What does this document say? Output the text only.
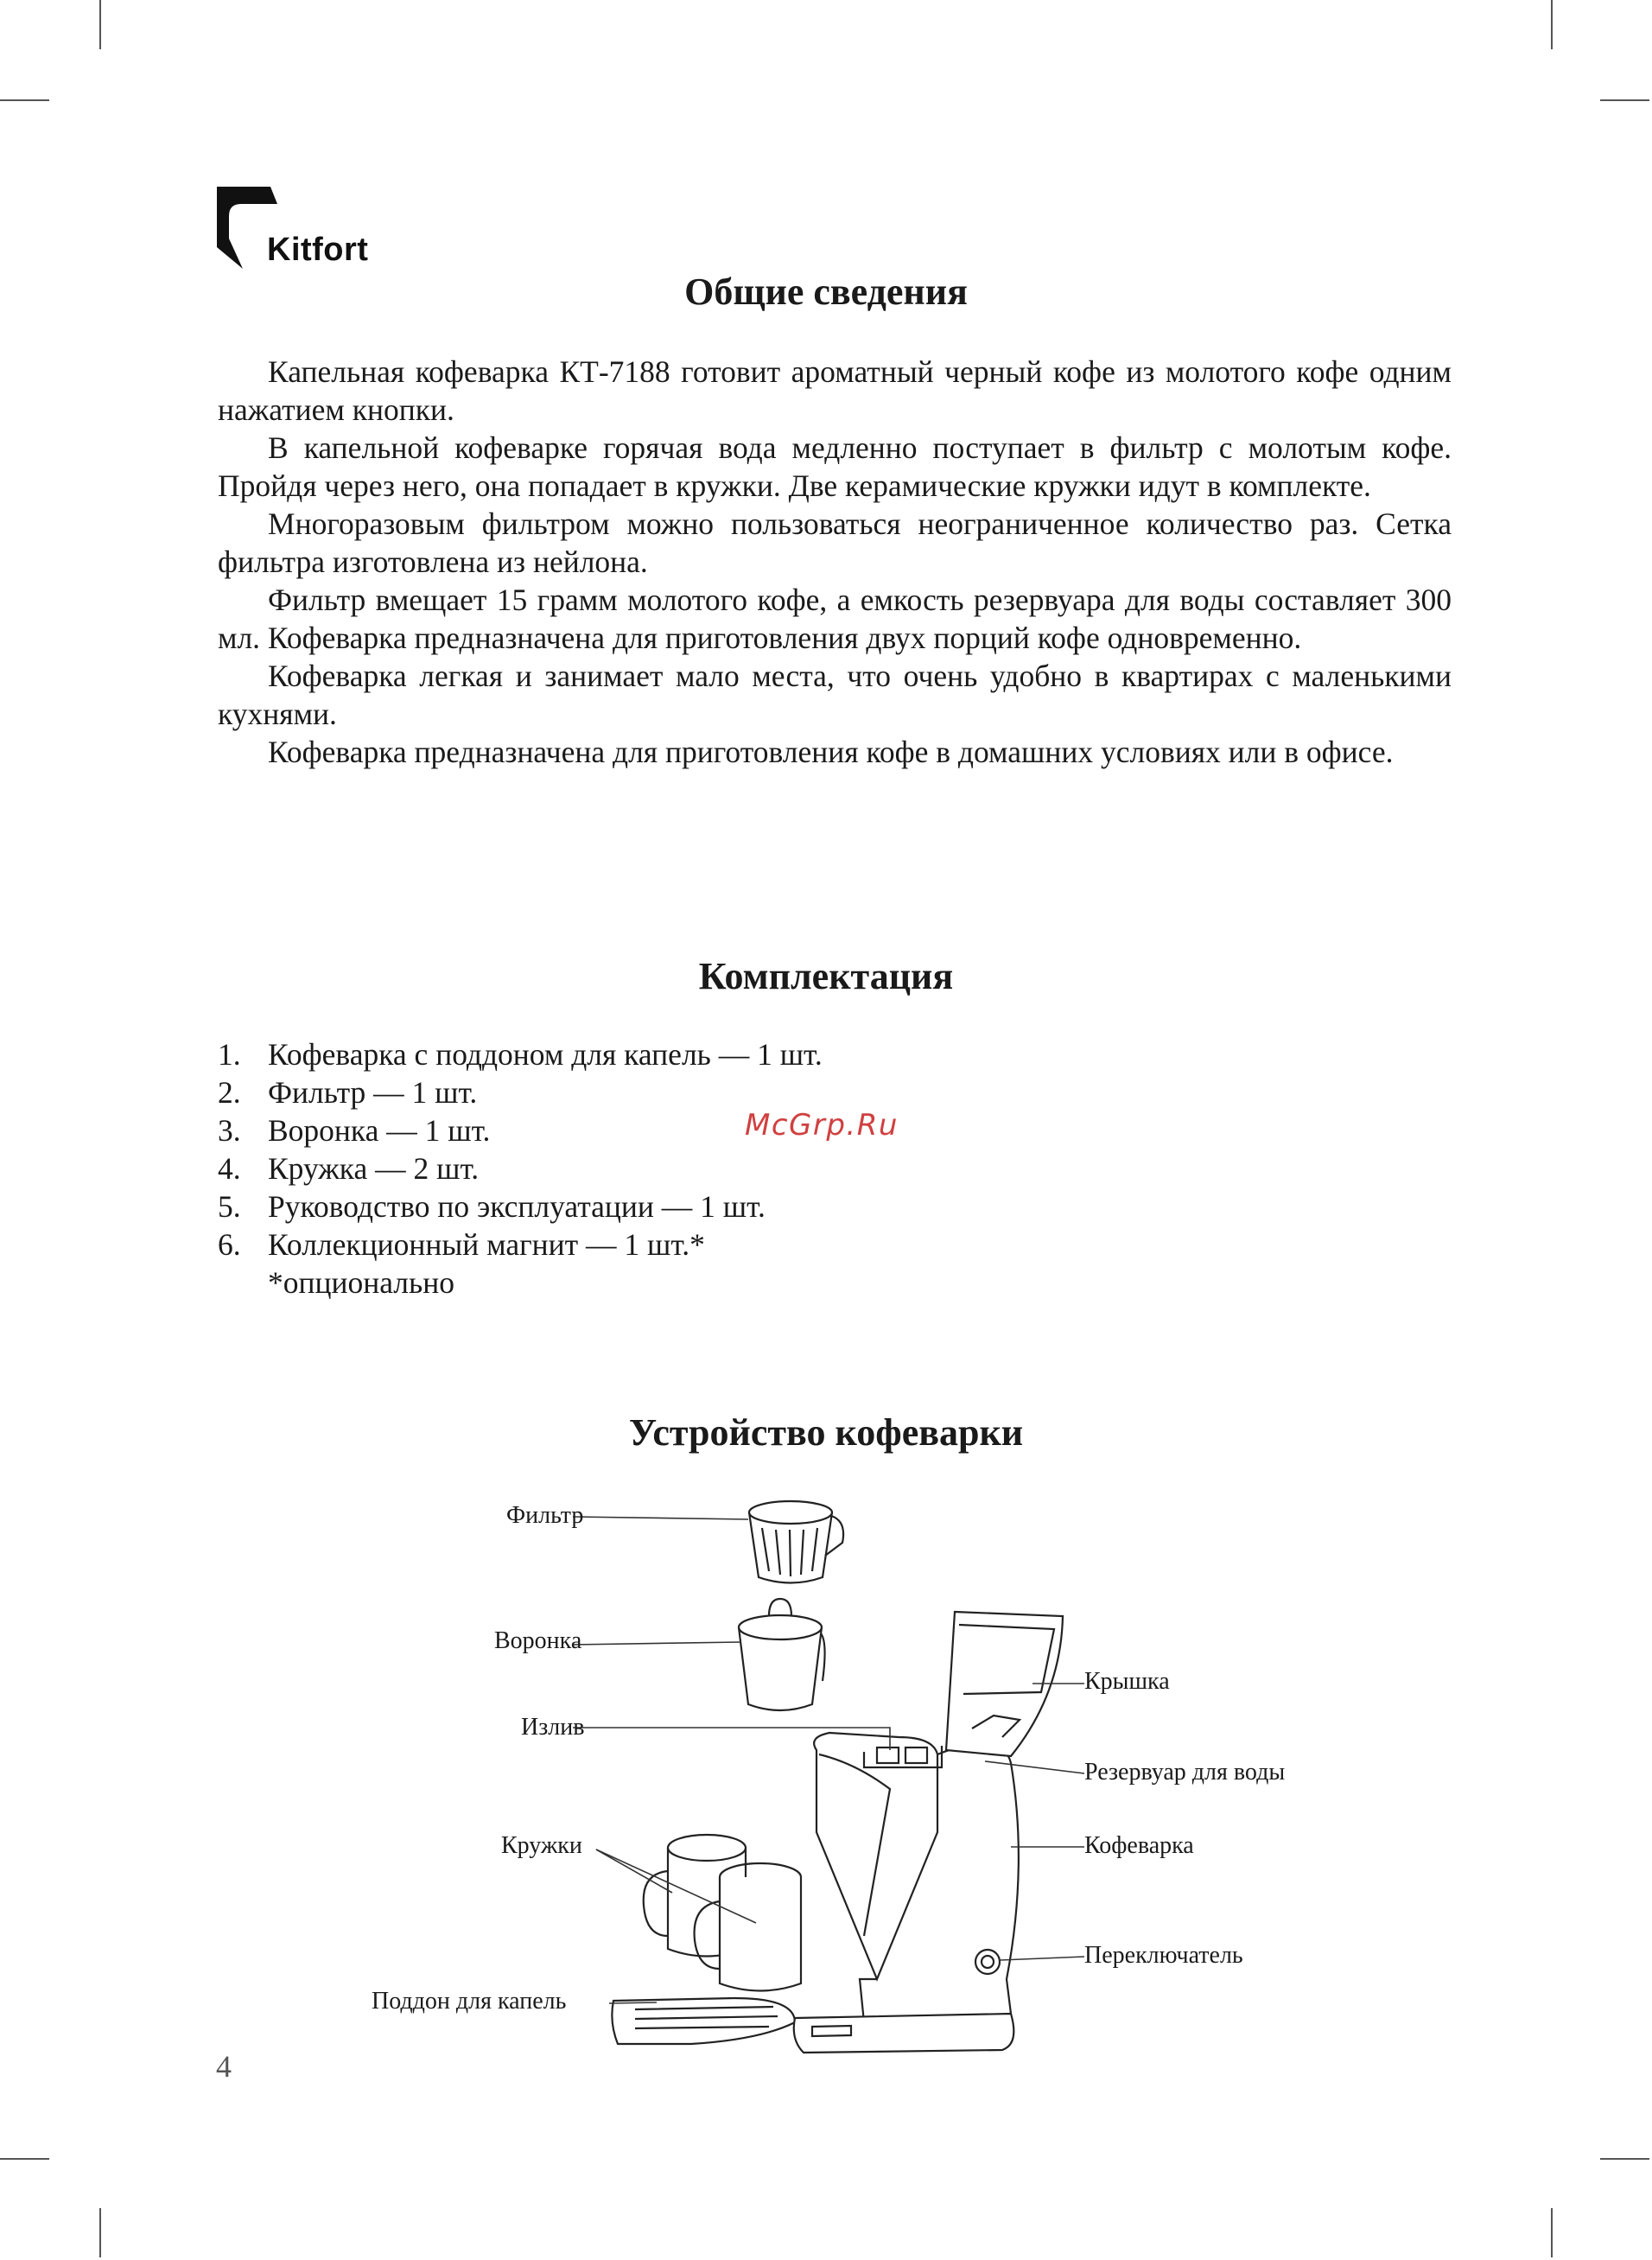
Kitfort
Общие сведения

Капельная кофеварка КТ-7188 готовит ароматный черный кофе из молотого кофе одним нажатием кнопки.

В капельной кофеварке горячая вода медленно поступает в фильтр с молотым кофе. Пройдя через него, она попадает в кружки. Две керамические кружки идут в комплекте.

Многоразовым фильтром можно пользоваться неограниченное количество раз. Сетка фильтра изготовлена из нейлона.

Фильтр вмещает 15 грамм молотого кофе, а емкость резервуара для воды составляет 300 мл. Кофеварка предназначена для приготовления двух порций кофе одновременно.

Кофеварка легкая и занимает мало места, что очень удобно в квартирах с маленькими кухнями.

Кофеварка предназначена для приготовления кофе в домашних условиях или в офисе.

Комплектация
1. Кофеварка с поддоном для капель — 1 шт.
2. Фильтр — 1 шт.
3. Воронка — 1 шт.
4. Кружка — 2 шт.
5. Руководство по эксплуатации — 1 шт.
6. Коллекционный магнит — 1 шт.*
*опционально
McGrp.Ru
Устройство кофеварки
Фильтр
Воронка
Излив
Кружки
Поддон для капель
Крышка
Резервуар для воды
Кофеварка
Переключатель
4
